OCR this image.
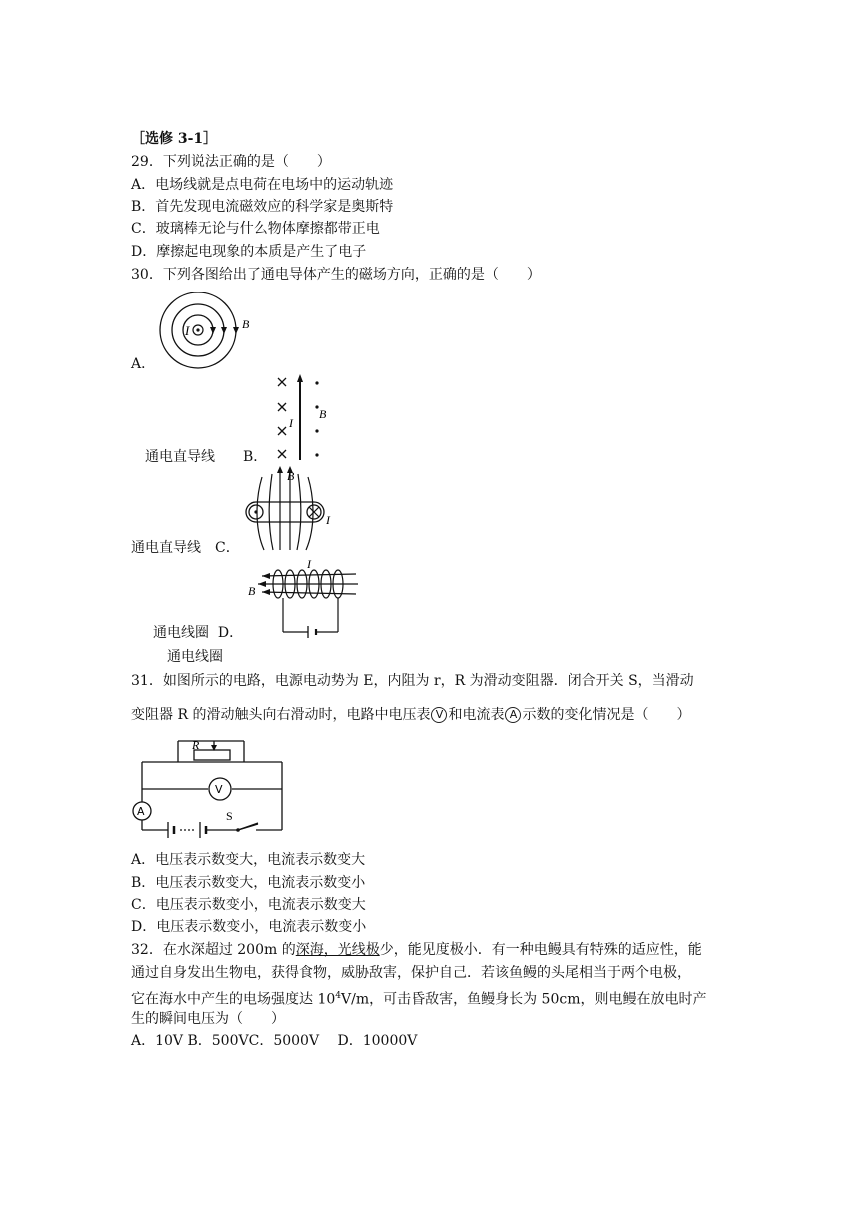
［选修 3-1］
29．下列说法正确的是（　　）
A．电场线就是点电荷在电场中的运动轨迹
B．首先发现电流磁效应的科学家是奥斯特
C．玻璃棒无论与什么物体摩擦都带正电
D．摩擦起电现象的本质是产生了电子
30．下列各图给出了通电导体产生的磁场方向，正确的是（　　）
I	B
A．
I
B
通电直导线　　 B．
B
I
通电直导线　 C．
I
B
通电线圈 D．
通电线圈
31．如图所示的电路，电源电动势为 E，内阻为 r，R 为滑动变阻器．闭合开关 S，当滑动
变阻器 R 的滑动触头向右滑动时，电路中电压表 V 和电流表 A 示数的变化情况是（　　）
R
V
A	S
A．电压表示数变大，电流表示数变大
B．电压表示数变大，电流表示数变小
C．电压表示数变小，电流表示数变大
D．电压表示数变小，电流表示数变小
32．在水深超过 200m 的深海，光线极少，能见度极小．有一种电鳗具有特殊的适应性，能
通过自身发出生物电，获得食物，威胁敌害，保护自己．若该鱼鳗的头尾相当于两个电极，
它在海水中产生的电场强度达 $10^4V/m$，可击昏敌害，鱼鳗身长为 50cm，则电鳗在放电时产
生的瞬间电压为（　　）
A．10V B．500VC．5000V　 D．10000V
